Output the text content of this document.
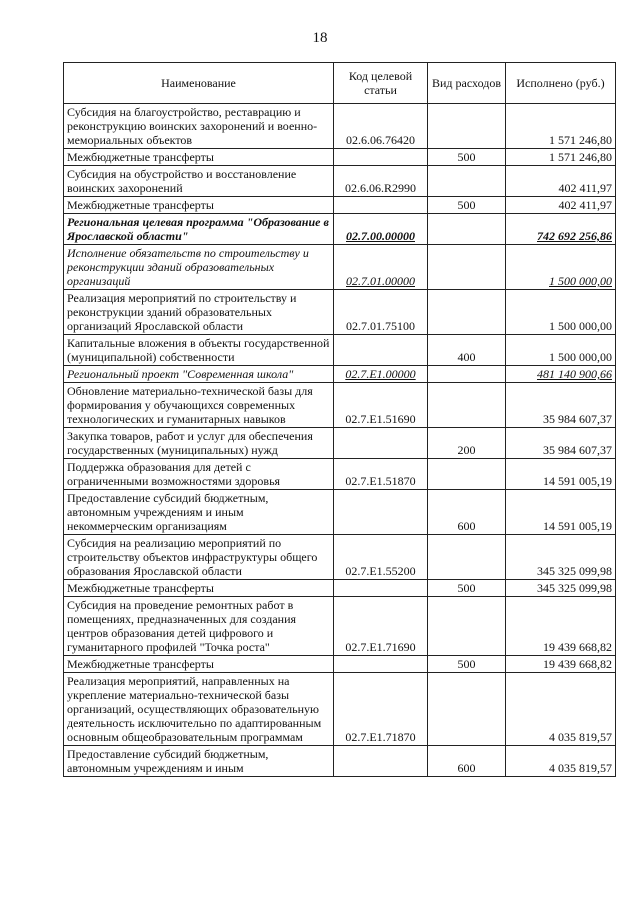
18
Наименование	Код целевой статьи	Вид расходов	Исполнено (руб.)
Субсидия на благоустройство, реставрацию и реконструкцию воинских захоронений и военно-мемориальных объектов	02.6.06.76420		1 571 246,80
Межбюджетные трансферты		500	1 571 246,80
Субсидия на обустройство и восстановление воинских захоронений	02.6.06.R2990		402 411,97
Межбюджетные трансферты		500	402 411,97
Региональная целевая программа "Образование в Ярославской области"	02.7.00.00000		742 692 256,86
Исполнение обязательств по строительству и реконструкции зданий образовательных организаций	02.7.01.00000		1 500 000,00
Реализация мероприятий по строительству и реконструкции зданий образовательных организаций Ярославской области	02.7.01.75100		1 500 000,00
Капитальные вложения в объекты государственной (муниципальной) собственности		400	1 500 000,00
Региональный проект "Современная школа"	02.7.E1.00000		481 140 900,66
Обновление материально-технической базы для формирования у обучающихся современных технологических и гуманитарных навыков	02.7.E1.51690		35 984 607,37
Закупка товаров, работ и услуг для обеспечения государственных (муниципальных) нужд		200	35 984 607,37
Поддержка образования для детей с ограниченными возможностями здоровья	02.7.E1.51870		14 591 005,19
Предоставление субсидий бюджетным, автономным учреждениям и иным некоммерческим организациям		600	14 591 005,19
Субсидия на реализацию мероприятий по строительству объектов инфраструктуры общего образования Ярославской области	02.7.E1.55200		345 325 099,98
Межбюджетные трансферты		500	345 325 099,98
Субсидия на проведение ремонтных работ в помещениях, предназначенных для создания центров образования детей цифрового и гуманитарного профилей "Точка роста"	02.7.E1.71690		19 439 668,82
Межбюджетные трансферты		500	19 439 668,82
Реализация мероприятий, направленных на укрепление материально-технической базы организаций, осуществляющих образовательную деятельность исключительно по адаптированным основным общеобразовательным программам	02.7.E1.71870		4 035 819,57
Предоставление субсидий бюджетным, автономным учреждениям и иным		600	4 035 819,57
